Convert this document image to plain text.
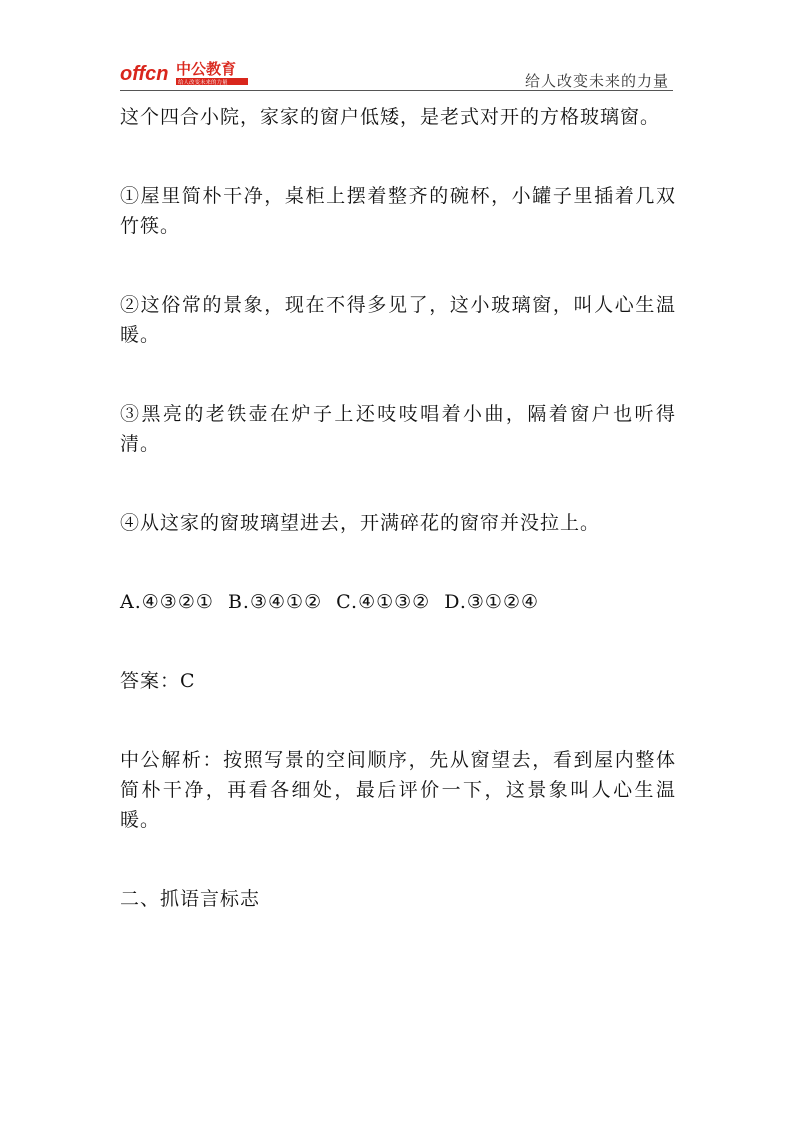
offcn 中公教育
给人改变未来的力量	给人改变未来的力量

这个四合小院，家家的窗户低矮，是老式对开的方格玻璃窗。

①屋里简朴干净，桌柜上摆着整齐的碗杯，小罐子里插着几双竹筷。

②这俗常的景象，现在不得多见了，这小玻璃窗，叫人心生温暖。

③黑亮的老铁壶在炉子上还吱吱唱着小曲，隔着窗户也听得清。

④从这家的窗玻璃望进去，开满碎花的窗帘并没拉上。

A.④③②①  B.③④①②  C.④①③②  D.③①②④

答案：C

中公解析：按照写景的空间顺序，先从窗望去，看到屋内整体简朴干净，再看各细处，最后评价一下，这景象叫人心生温暖。

二、抓语言标志
